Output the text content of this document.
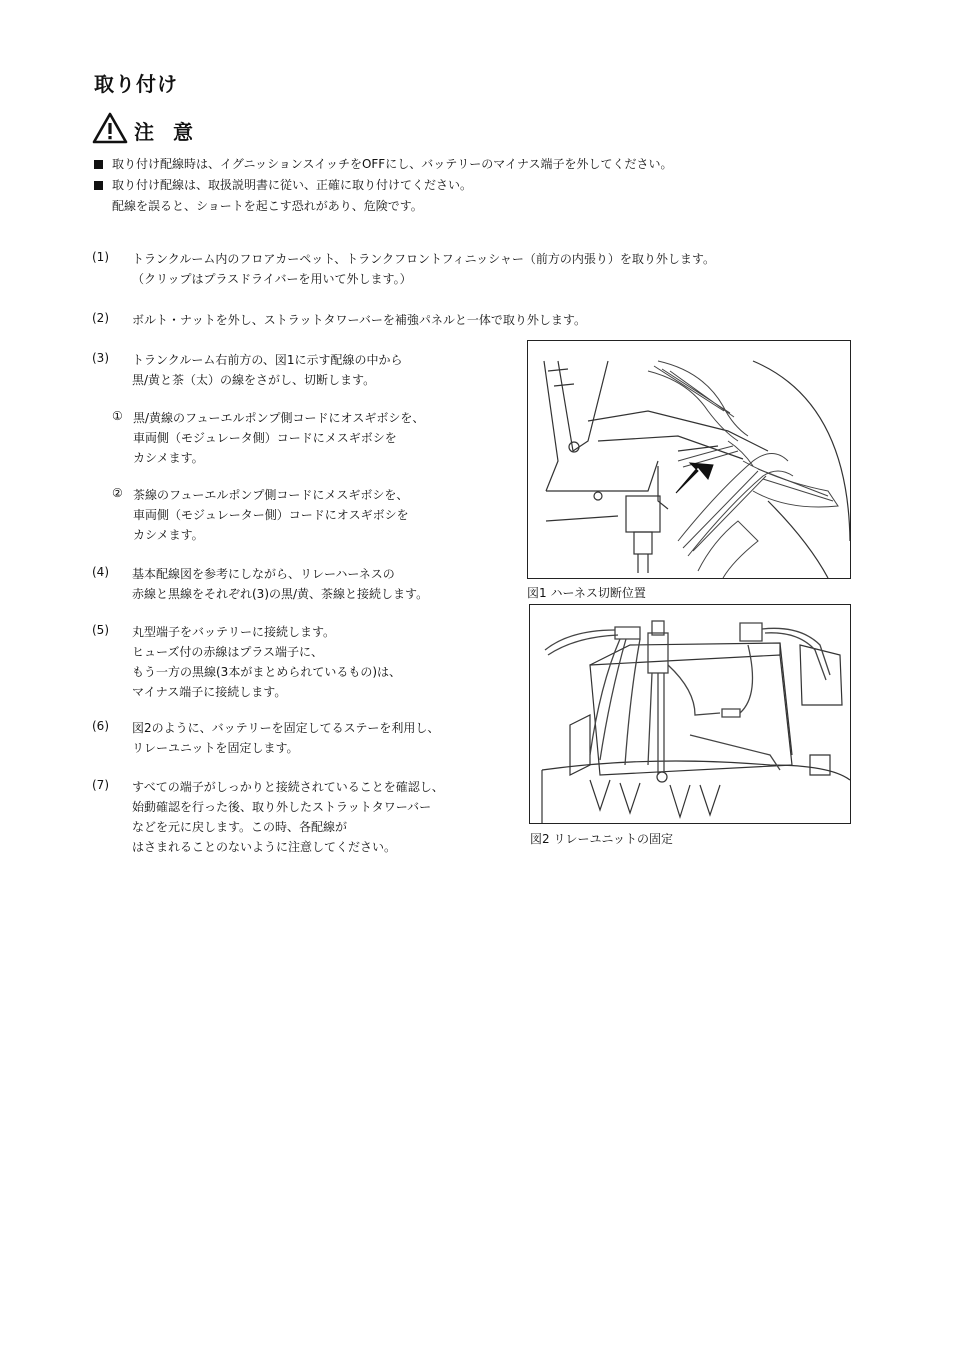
取り付け
注 意
取り付け配線時は、イグニッションスイッチをOFFにし、バッテリーのマイナス端子を外してください。
取り付け配線は、取扱説明書に従い、正確に取り付けてください。
配線を誤ると、ショートを起こす恐れがあり、危険です。
(1)	トランクルーム内のフロアカーペット、トランクフロントフィニッシャー（前方の内張り）を取り外します。
（クリップはプラスドライバーを用いて外します。）
(2)	ボルト・ナットを外し、ストラットタワーバーを補強パネルと一体で取り外します。
(3)	トランクルーム右前方の、図1に示す配線の中から
黒/黄と茶（太）の線をさがし、切断します。
① 黒/黄線のフューエルポンプ側コードにオスギボシを、
車両側（モジュレータ側）コードにメスギボシを
カシメます。
② 茶線のフューエルポンプ側コードにメスギボシを、
車両側（モジュレーター側）コードにオスギボシを
カシメます。
(4)	基本配線図を参考にしながら、リレーハーネスの
赤線と黒線をそれぞれ(3)の黒/黄、茶線と接続します。
(5)	丸型端子をバッテリーに接続します。
ヒューズ付の赤線はプラス端子に、
もう一方の黒線(3本がまとめられているもの)は、
マイナス端子に接続します。
(6)	図2のように、バッテリーを固定してるステーを利用し、
リレーユニットを固定します。
(7)	すべての端子がしっかりと接続されていることを確認し、
始動確認を行った後、取り外したストラットタワーバー
などを元に戻します。この時、各配線が
はさまれることのないように注意してください。
図1 ハーネス切断位置
図2 リレーユニットの固定
